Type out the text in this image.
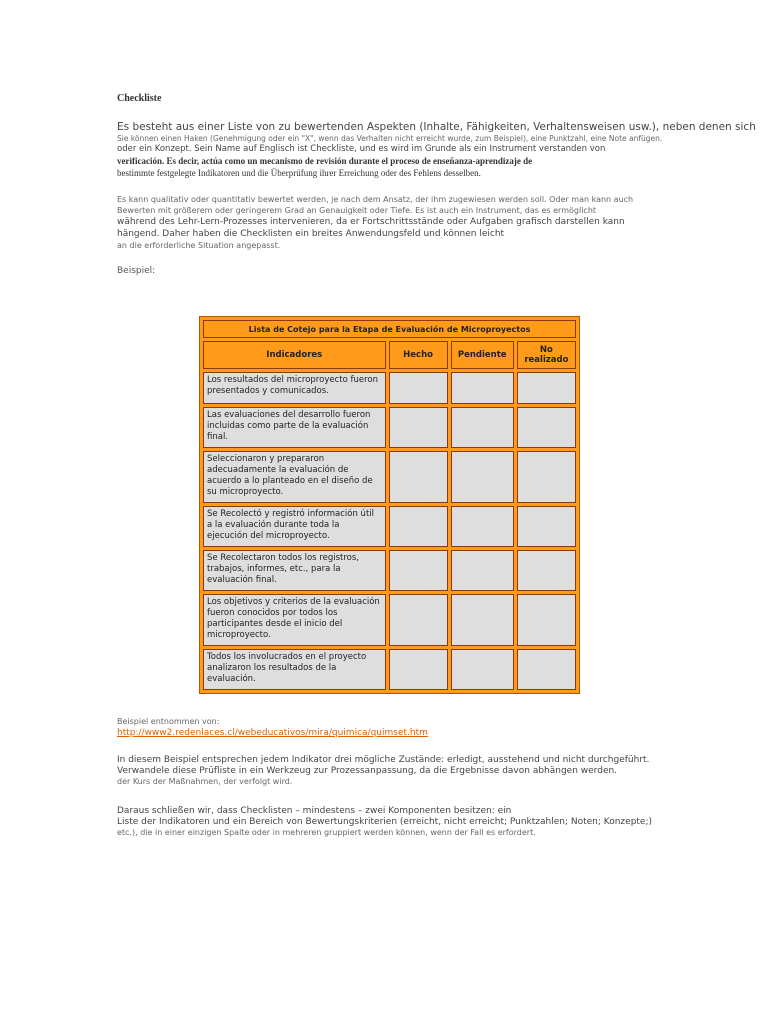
Checkliste
Es besteht aus einer Liste von zu bewertenden Aspekten (Inhalte, Fähigkeiten, Verhaltensweisen usw.), neben denen sich
Sie können einen Haken (Genehmigung oder ein "X", wenn das Verhalten nicht erreicht wurde, zum Beispiel), eine Punktzahl, eine Note anfügen.
oder ein Konzept. Sein Name auf Englisch ist Checkliste, und es wird im Grunde als ein Instrument verstanden von
verificación. Es decir, actúa como un mecanismo de revisión durante el proceso de enseñanza-aprendizaje de
bestimmte festgelegte Indikatoren und die Überprüfung ihrer Erreichung oder des Fehlens desselben.
Es kann qualitativ oder quantitativ bewertet werden, je nach dem Ansatz, der ihm zugewiesen werden soll. Oder man kann auch
Bewerten mit größerem oder geringerem Grad an Genauigkeit oder Tiefe. Es ist auch ein Instrument, das es ermöglicht
während des Lehr-Lern-Prozesses intervenieren, da er Fortschrittsstände oder Aufgaben grafisch darstellen kann
hängend. Daher haben die Checklisten ein breites Anwendungsfeld und können leicht
an die erforderliche Situation angepasst.
Beispiel:
Lista de Cotejo para la Etapa de Evaluación de Microproyectos			
Indicadores	Hecho	Pendiente	No realizado
Los resultados del microproyecto fueron presentados y comunicados.			
Las evaluaciones del desarrollo fueron incluidas como parte de la evaluación final.			
Seleccionaron y prepararon adecuadamente la evaluación de acuerdo a lo planteado en el diseño de su microproyecto.			
Se Recolectó y registró información útil a la evaluación durante toda la ejecución del microproyecto.			
Se Recolectaron todos los registros, trabajos, informes, etc., para la evaluación final.			
Los objetivos y criterios de la evaluación fueron conocidos por todos los participantes desde el inicio del microproyecto.			
Todos los involucrados en el proyecto analizaron los resultados de la evaluación.			
Beispiel entnommen von:
http://www2.redenlaces.cl/webeducativos/mira/quimica/quimset.htm
In diesem Beispiel entsprechen jedem Indikator drei mögliche Zustände: erledigt, ausstehend und nicht durchgeführt.
Verwandele diese Prüfliste in ein Werkzeug zur Prozessanpassung, da die Ergebnisse davon abhängen werden.
der Kurs der Maßnahmen, der verfolgt wird.
Daraus schließen wir, dass Checklisten – mindestens – zwei Komponenten besitzen: ein
Liste der Indikatoren und ein Bereich von Bewertungskriterien (erreicht, nicht erreicht; Punktzahlen; Noten; Konzepte;)
etc.), die in einer einzigen Spalte oder in mehreren gruppiert werden können, wenn der Fall es erfordert.
